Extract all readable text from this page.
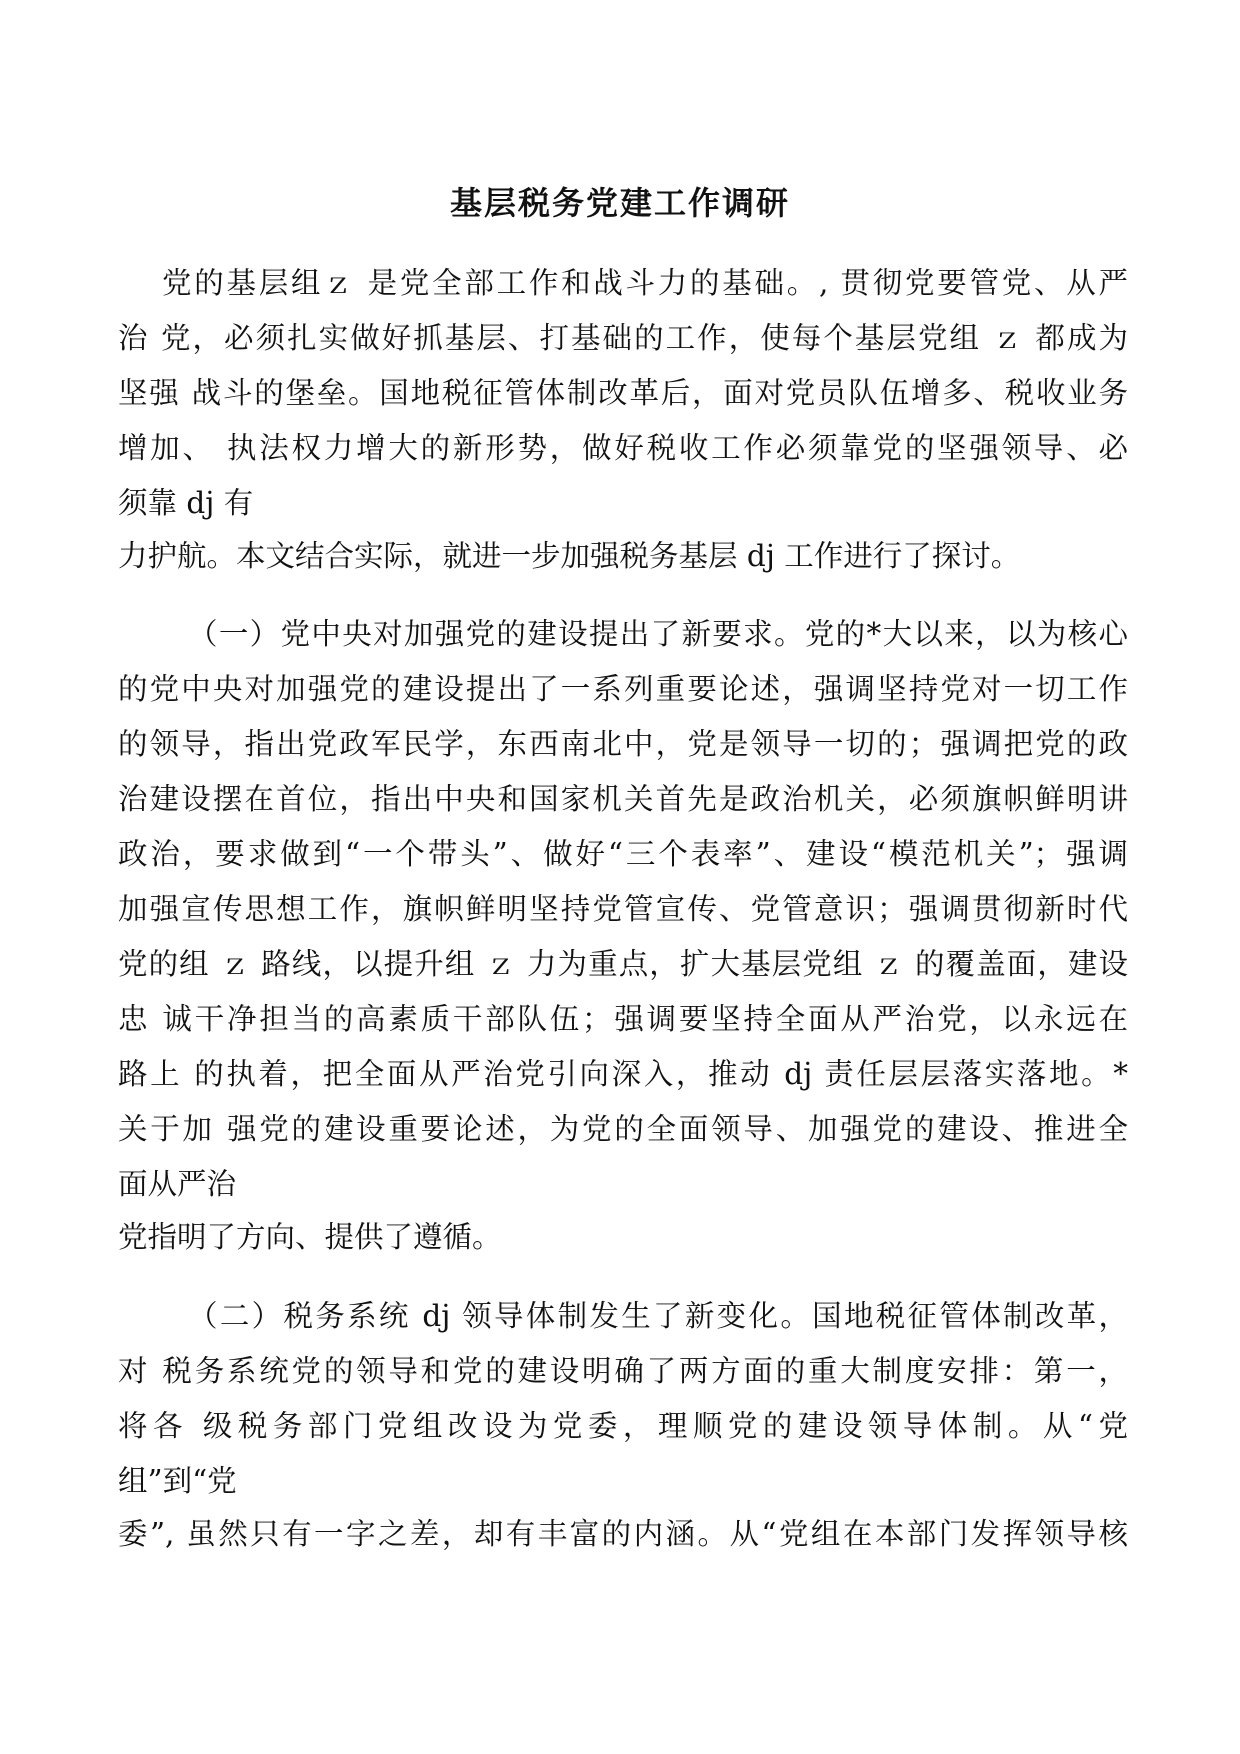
基层税务党建工作调研

党的基层组ｚ 是党全部工作和战斗力的基础。, 贯彻党要管党、从严

治 党，必须扎实做好抓基层、打基础的工作，使每个基层党组 ｚ 都成为

坚强 战斗的堡垒。国地税征管体制改革后，面对党员队伍增多、税收业务

增加、 执法权力增大的新形势，做好税收工作必须靠党的坚强领导、必

须靠 dj 有

力护航。本文结合实际，就进一步加强税务基层 dj 工作进行了探讨。

（一）党中央对加强党的建设提出了新要求。党的*大以来，以为核心

的党中央对加强党的建设提出了一系列重要论述，强调坚持党对一切工作

的领导，指出党政军民学，东西南北中，党是领导一切的；强调把党的政

治建设摆在首位，指出中央和国家机关首先是政治机关，必须旗帜鲜明讲

政治，要求做到“一个带头”、做好“三个表率”、建设“模范机关”；强调

加强宣传思想工作，旗帜鲜明坚持党管宣传、党管意识；强调贯彻新时代

党的组 ｚ 路线，以提升组 ｚ 力为重点，扩大基层党组 ｚ 的覆盖面，建设

忠 诚干净担当的高素质干部队伍；强调要坚持全面从严治党，以永远在

路上 的执着，把全面从严治党引向深入，推动 dj 责任层层落实落地。*

关于加 强党的建设重要论述，为党的全面领导、加强党的建设、推进全

面从严治

党指明了方向、提供了遵循。

（二）税务系统 dj 领导体制发生了新变化。国地税征管体制改革，

对 税务系统党的领导和党的建设明确了两方面的重大制度安排：第一，

将各 级税务部门党组改设为党委，理顺党的建设领导体制。从“党

组”到“党

委”, 虽然只有一字之差，却有丰富的内涵。从“党组在本部门发挥领导核
